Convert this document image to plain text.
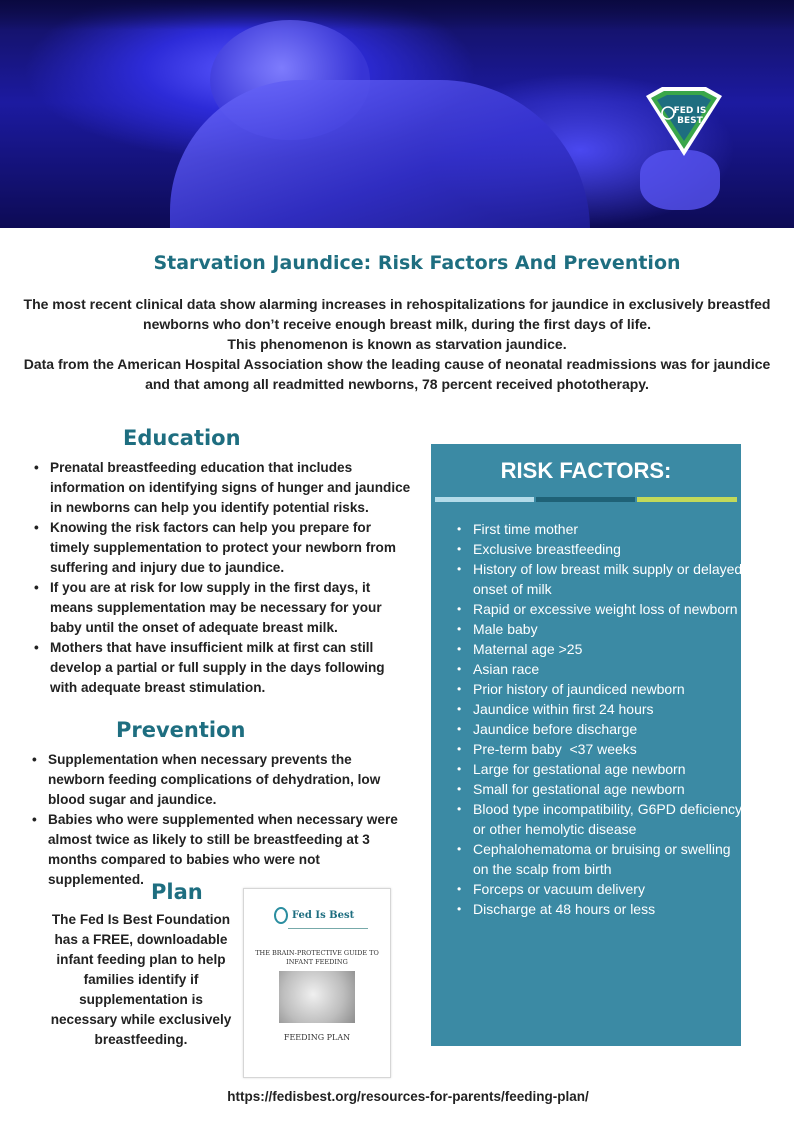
FED IS
BEST
Starvation Jaundice: Risk Factors And Prevention

The most recent clinical data show alarming increases in rehospitalizations for jaundice in exclusively breastfed newborns who don’t receive enough breast milk, during the first days of life.

This phenomenon is known as starvation jaundice.

Data from the American Hospital Association show the leading cause of neonatal readmissions was for jaundice and that among all readmitted newborns, 78 percent received phototherapy.

Education
• Prenatal breastfeeding education that includes information on identifying signs of hunger and jaundice in newborns can help you identify potential risks.
• Knowing the risk factors can help you prepare for timely supplementation to protect your newborn from suffering and injury due to jaundice.
• If you are at risk for low supply in the first days, it means supplementation may be necessary for your baby until the onset of adequate breast milk.
• Mothers that have insufficient milk at first can still develop a partial or full supply in the days following with adequate breast stimulation.
Prevention
• Supplementation when necessary prevents the newborn feeding complications of dehydration, low blood sugar and jaundice.
• Babies who were supplemented when necessary were almost twice as likely to still be breastfeeding at 3 months compared to babies who were not supplemented.
Plan
The Fed Is Best Foundation has a FREE, downloadable infant feeding plan to help families identify if supplementation is necessary while exclusively breastfeeding.
Fed Is Best
THE BRAIN-PROTECTIVE GUIDE TO INFANT FEEDING
FEEDING PLAN
RISK FACTORS:
• First time mother
• Exclusive breastfeeding
• History of low breast milk supply or delayed onset of milk
• Rapid or excessive weight loss of newborn
• Male baby
• Maternal age >25
• Asian race
• Prior history of jaundiced newborn
• Jaundice within first 24 hours
• Jaundice before discharge
• Pre-term baby  <37 weeks
• Large for gestational age newborn
• Small for gestational age newborn
• Blood type incompatibility, G6PD deficiency, or other hemolytic disease
• Cephalohematoma or bruising or swelling on the scalp from birth
• Forceps or vacuum delivery
• Discharge at 48 hours or less
https://fedisbest.org/resources-for-parents/feeding-plan/
